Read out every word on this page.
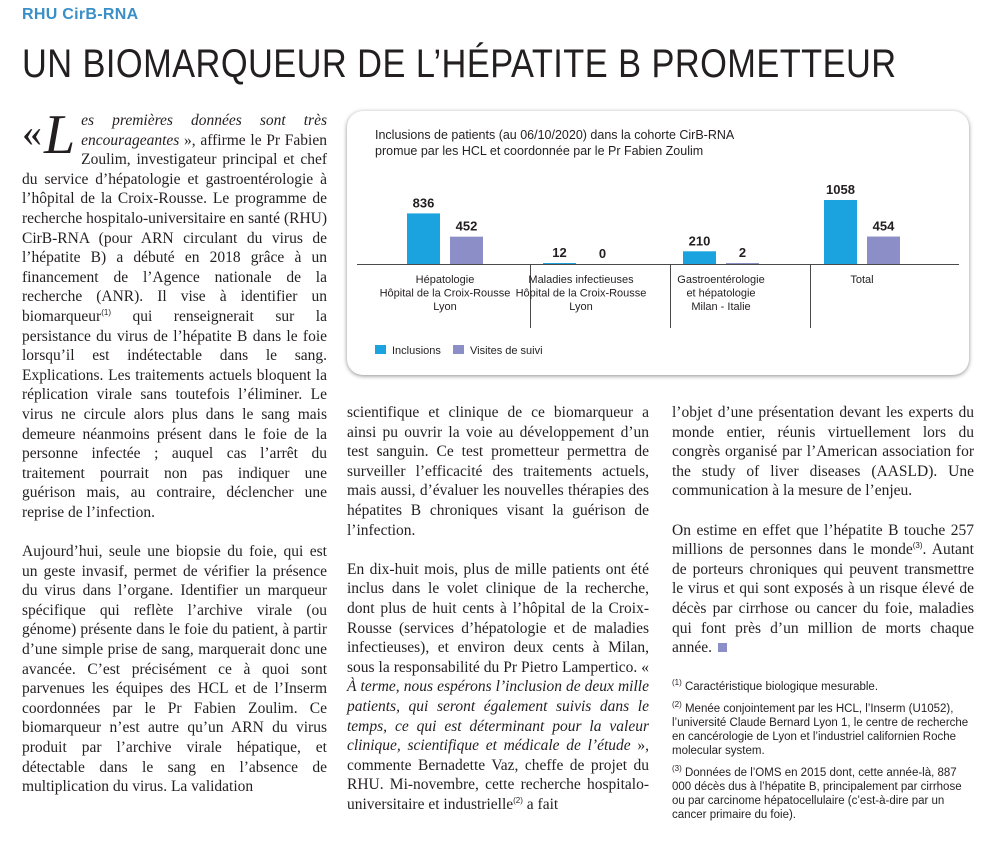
RHU CirB-RNA
UN BIOMARQUEUR DE L’HÉPATITE B PROMETTEUR

« L es premières données sont très encourageantes », affirme le Pr Fabien Zoulim, investigateur principal et chef du service d’hépatologie et gastroentérologie à l’hôpital de la Croix-Rousse. Le programme de recherche hospitalo-universitaire en santé (RHU) CirB-RNA (pour ARN circulant du virus de l’hépatite B) a débuté en 2018 grâce à un financement de l’Agence nationale de la recherche (ANR). Il vise à identifier un biomarqueur$^{(1)}$ qui renseignerait sur la persistance du virus de l’hépatite B dans le foie lorsqu’il est indétectable dans le sang. Explications. Les traitements actuels bloquent la réplication virale sans toutefois l’éliminer. Le virus ne circule alors plus dans le sang mais demeure néanmoins présent dans le foie de la personne infectée ; auquel cas l’arrêt du traitement pourrait non pas indiquer une guérison mais, au contraire, déclencher une reprise de l’infection.

Aujourd’hui, seule une biopsie du foie, qui est un geste invasif, permet de vérifier la présence du virus dans l’organe. Identifier un marqueur spécifique qui reflète l’archive virale (ou génome) présente dans le foie du patient, à partir d’une simple prise de sang, marquerait donc une avancée. C’est précisément ce à quoi sont parvenues les équipes des HCL et de l’Inserm coordonnées par le Pr Fabien Zoulim. Ce biomarqueur n’est autre qu’un ARN du virus produit par l’archive virale hépatique, et détectable dans le sang en l’absence de multiplication du virus. La validation

scientifique et clinique de ce biomarqueur a ainsi pu ouvrir la voie au développement d’un test sanguin. Ce test prometteur permettra de surveiller l’efficacité des traitements actuels, mais aussi, d’évaluer les nouvelles thérapies des hépatites B chroniques visant la guérison de l’infection.

En dix-huit mois, plus de mille patients ont été inclus dans le volet clinique de la recherche, dont plus de huit cents à l’hôpital de la Croix-Rousse (services d’hépatologie et de maladies infectieuses), et environ deux cents à Milan, sous la responsabilité du Pr Pietro Lampertico. « À terme, nous espérons l’inclusion de deux mille patients, qui seront également suivis dans le temps, ce qui est déterminant pour la valeur clinique, scientifique et médicale de l’étude », commente Bernadette Vaz, cheffe de projet du RHU. Mi-novembre, cette recherche hospitalo-universitaire et industrielle$^{(2)}$ a fait

l’objet d’une présentation devant les experts du monde entier, réunis virtuellement lors du congrès organisé par l’American association for the study of liver diseases (AASLD). Une communication à la mesure de l’enjeu.

On estime en effet que l’hépatite B touche 257 millions de personnes dans le monde$^{(3)}$. Autant de porteurs chroniques qui peuvent transmettre le virus et qui sont exposés à un risque élevé de décès par cirrhose ou cancer du foie, maladies qui font près d’un million de morts chaque année.

$^{(1)}$ Caractéristique biologique mesurable.

$^{(2)}$ Menée conjointement par les HCL, l’Inserm (U1052), l’université Claude Bernard Lyon 1, le centre de recherche en cancérologie de Lyon et l’industriel californien Roche molecular system.

$^{(3)}$ Données de l’OMS en 2015 dont, cette année-là, 887 000 décès dus à l’hépatite B, principalement par cirrhose ou par carcinome hépatocellulaire (c’est-à-dire par un cancer primaire du foie).

Inclusions de patients (au 06/10/2020) dans la cohorte CirB-RNA
promue par les HCL et coordonnée par le Pr Fabien Zoulim
836
452
Hépatologie
Hôpital de la Croix-Rousse
Lyon
12 0
Maladies infectieuses
Hôpital de la Croix-Rousse
Lyon
210
2
Gastroentérologie
et hépatologie
Milan - Italie
1058
454
Total
Inclusions	Visites de suivi
